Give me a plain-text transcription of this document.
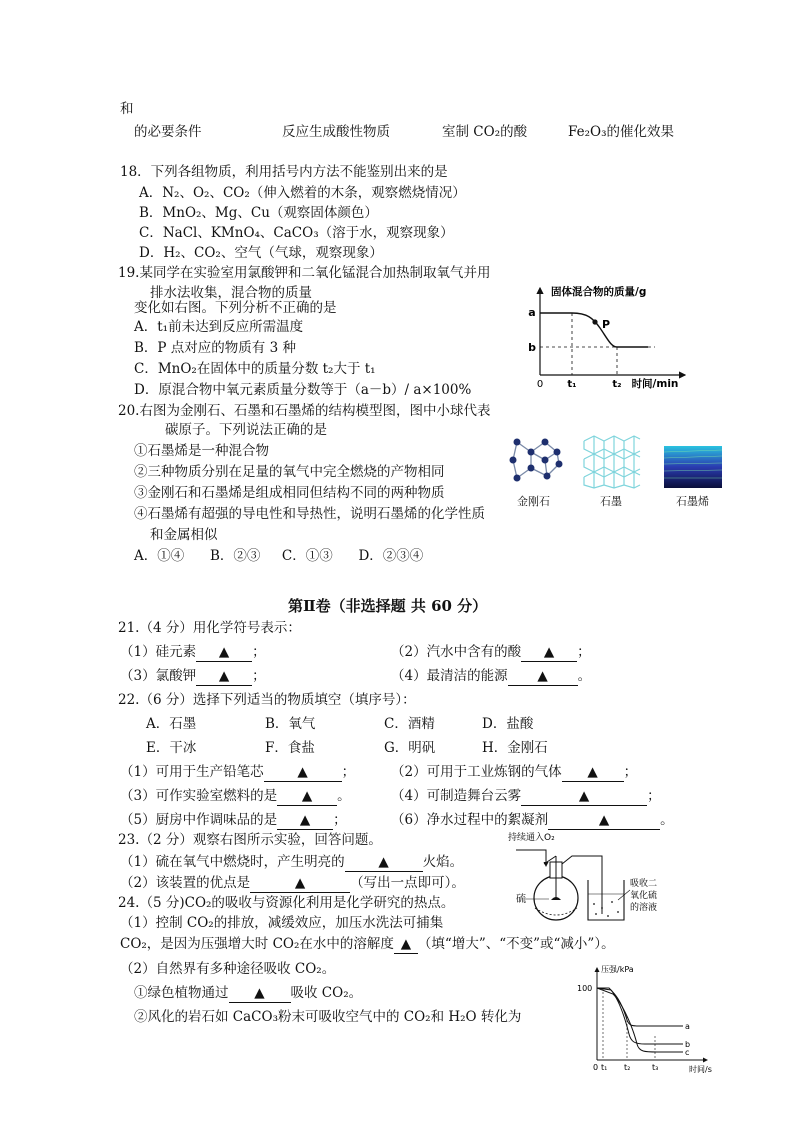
和
的必要条件	反应生成酸性物质	室制 CO₂的酸	Fe₂O₃的催化效果
18．下列各组物质，利用括号内方法不能鉴别出来的是
A．N₂、O₂、CO₂（伸入燃着的木条，观察燃烧情况）
B．MnO₂、Mg、Cu（观察固体颜色）
C．NaCl、KMnO₄、CaCO₃（溶于水，观察现象）
D．H₂、CO₂、空气（气球，观察现象）
19.某同学在实验室用氯酸钾和二氧化锰混合加热制取氧气并用
排水法收集，混合物的质量
变化如右图。下列分析不正确的是
A．t₁前未达到反应所需温度
B．P 点对应的物质有 3 种
C．MnO₂在固体中的质量分数 t₂大于 t₁
D．原混合物中氧元素质量分数等于（a－b）/ a×100%
a
b
P
0 t₁	t₂ 时间/min
固体混合物的质量/g
20.右图为金刚石、石墨和石墨烯的结构模型图，图中小球代表
碳原子。下列说法正确的是
①石墨烯是一种混合物
②三种物质分别在足量的氧气中完全燃烧的产物相同
③金刚石和石墨烯是组成相同但结构不同的两种物质
④石墨烯有超强的导电性和导热性，说明石墨烯的化学性质
和金属相似
A．①④      B．②③     C．①③      D．②③④
金刚石	石墨	石墨烯
第Ⅱ卷（非选择题 共 60 分）
21.（4 分）用化学符号表示：
（1）硅元素 ▲ ；	（2）汽水中含有的酸 ▲ ；
（3）氯酸钾 ▲ ；	（4）最清洁的能源 ▲ 。
22.（6 分）选择下列适当的物质填空（填序号）：
A．石墨	B．氧气	C．酒精	D．盐酸
E．干冰	F．食盐	G．明矾	H．金刚石
（1）可用于生产铅笔芯	▲	；	（2）可用于工业炼钢的气体 ▲ ；
（3）可作实验室燃料的是 ▲ 。	（4）可制造舞台云雾	▲	；
（5）厨房中作调味品的是 ▲ ；	（6）净水过程中的絮凝剂	▲	。
23.（2 分）观察右图所示实验，回答问题。
（1）硫在氧气中燃烧时，产生明亮的	▲	火焰。
（2）该装置的优点是	▲	（写出一点即可）。
持续通入O₂
硫
吸收二
氧化硫
的溶液
24.（5 分)CO₂的吸收与资源化利用是化学研究的热点。
（1）控制 CO₂的排放，减缓效应，加压水洗法可捕集
CO₂，是因为压强增大时 CO₂在水中的溶解度 ▲ （填“增大”、“不变”或“减小”）。
（2）自然界有多种途径吸收 CO₂。
①绿色植物通过 ▲ 吸收 CO₂。
②风化的岩石如 CaCO₃粉末可吸收空气中的 CO₂和 H₂O 转化为
压强/kPa
100
a
b
c
0 t₁ t₂	t₃	时间/s
